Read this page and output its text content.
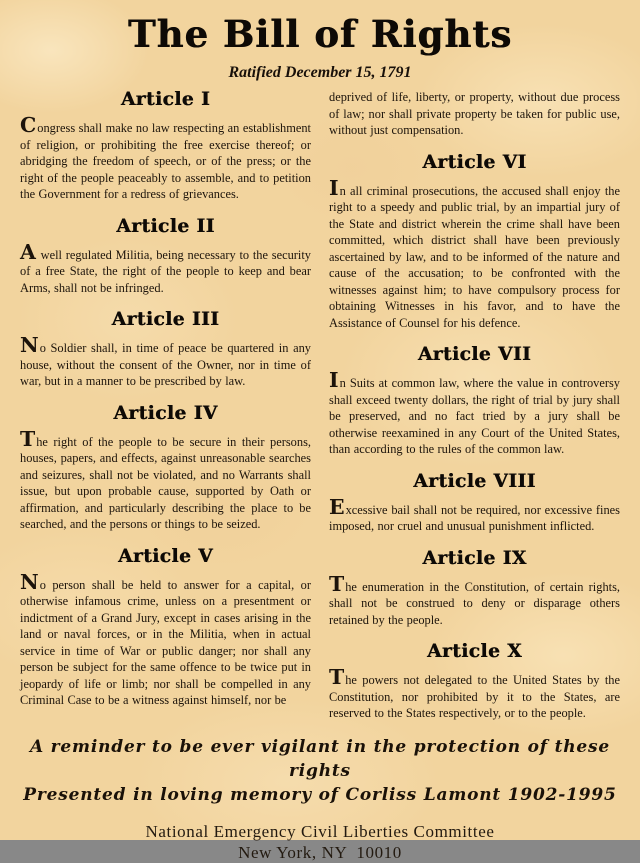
The Bill of Rights
Ratified December 15, 1791
Article I

Congress shall make no law respecting an establishment of religion, or prohibiting the free exercise thereof; or abridging the freedom of speech, or of the press; or the right of the people peaceably to assemble, and to petition the Government for a redress of grievances.

Article II

A well regulated Militia, being necessary to the security of a free State, the right of the people to keep and bear Arms, shall not be infringed.

Article III

No Soldier shall, in time of peace be quartered in any house, without the consent of the Owner, nor in time of war, but in a manner to be prescribed by law.

Article IV

The right of the people to be secure in their persons, houses, papers, and effects, against unreasonable searches and seizures, shall not be violated, and no Warrants shall issue, but upon probable cause, supported by Oath or affirmation, and particularly describing the place to be searched, and the persons or things to be seized.

Article V

No person shall be held to answer for a capital, or otherwise infamous crime, unless on a presentment or indictment of a Grand Jury, except in cases arising in the land or naval forces, or in the Militia, when in actual service in time of War or public danger; nor shall any person be subject for the same offence to be twice put in jeopardy of life or limb; nor shall be compelled in any Criminal Case to be a witness against himself, nor be

deprived of life, liberty, or property, without due process of law; nor shall private property be taken for public use, without just compensation.

Article VI

In all criminal prosecutions, the accused shall enjoy the right to a speedy and public trial, by an impartial jury of the State and district wherein the crime shall have been committed, which district shall have been previously ascertained by law, and to be informed of the nature and cause of the accusation; to be confronted with the witnesses against him; to have compulsory process for obtaining Witnesses in his favor, and to have the Assistance of Counsel for his defence.

Article VII

In Suits at common law, where the value in controversy shall exceed twenty dollars, the right of trial by jury shall be preserved, and no fact tried by a jury shall be otherwise reexamined in any Court of the United States, than according to the rules of the common law.

Article VIII

Excessive bail shall not be required, nor excessive fines imposed, nor cruel and unusual punishment inflicted.

Article IX

The enumeration in the Constitution, of certain rights, shall not be construed to deny or disparage others retained by the people.

Article X

The powers not delegated to the United States by the Constitution, nor prohibited by it to the States, are reserved to the States respectively, or to the people.

A reminder to be ever vigilant in the protection of these rights
Presented in loving memory of Corliss Lamont 1902-1995
National Emergency Civil Liberties Committee
New York, NY  10010
